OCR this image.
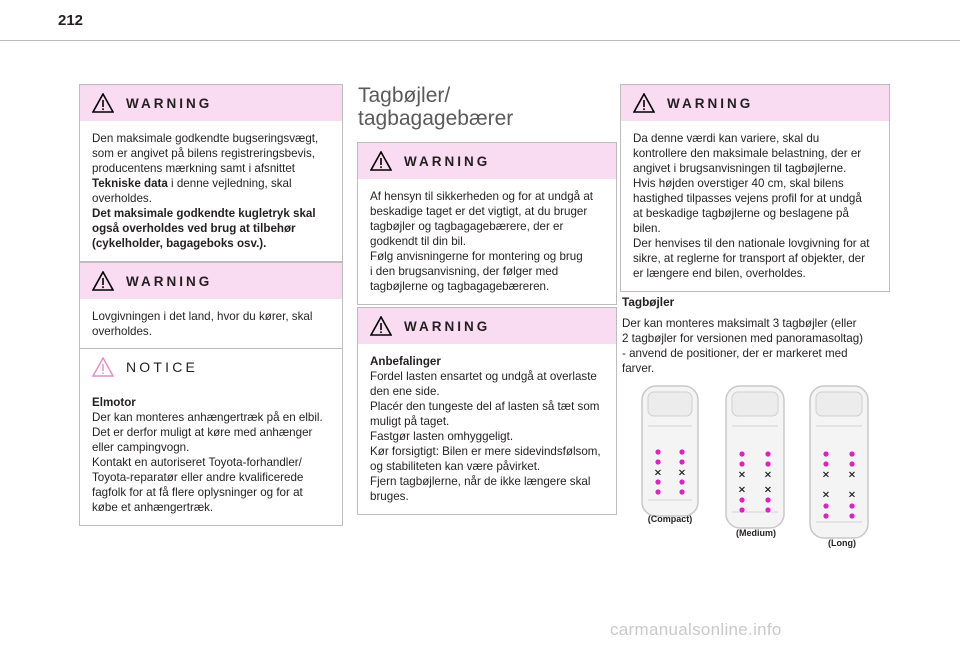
212
WARNING

Den maksimale godkendte bugseringsvægt,

som er angivet på bilens registreringsbevis,

producentens mærkning samt i afsnittet

Tekniske data i denne vejledning, skal

overholdes.

Det maksimale godkendte kugletryk skal

også overholdes ved brug at tilbehør

(cykelholder, bagageboks osv.).

WARNING

Lovgivningen i det land, hvor du kører, skal

overholdes.

NOTICE

Elmotor

Der kan monteres anhængertræk på en elbil.

Det er derfor muligt at køre med anhænger

eller campingvogn.

Kontakt en autoriseret Toyota-forhandler/

Toyota-reparatør eller andre kvalificerede

fagfolk for at få flere oplysninger og for at

købe et anhængertræk.

Tagbøjler/
tagbagagebærer
WARNING

Af hensyn til sikkerheden og for at undgå at

beskadige taget er det vigtigt, at du bruger

tagbøjler og tagbagagebærere, der er

godkendt til din bil.

Følg anvisningerne for montering og brug

i den brugsanvisning, der følger med

tagbøjlerne og tagbagagebæreren.

WARNING

Anbefalinger

Fordel lasten ensartet og undgå at overlaste

den ene side.

Placér den tungeste del af lasten så tæt som

muligt på taget.

Fastgør lasten omhyggeligt.

Kør forsigtigt: Bilen er mere sidevindsfølsom,

og stabiliteten kan være påvirket.

Fjern tagbøjlerne, når de ikke længere skal

bruges.

WARNING

Da denne værdi kan variere, skal du

kontrollere den maksimale belastning, der er

angivet i brugsanvisningen til tagbøjlerne.

Hvis højden overstiger 40 cm, skal bilens

hastighed tilpasses vejens profil for at undgå

at beskadige tagbøjlerne og beslagene på

bilen.

Der henvises til den nationale lovgivning for at

sikre, at reglerne for transport af objekter, der

er længere end bilen, overholdes.

Tagbøjler

Der kan monteres maksimalt 3 tagbøjler (eller
2 tagbøjler for versionen med panoramasoltag)
- anvend de positioner, der er markeret med
farver.

× ×	×
×
×
×
×
×
×
×
(Compact)
(Medium)
(Long)
carmanualsonline.info
